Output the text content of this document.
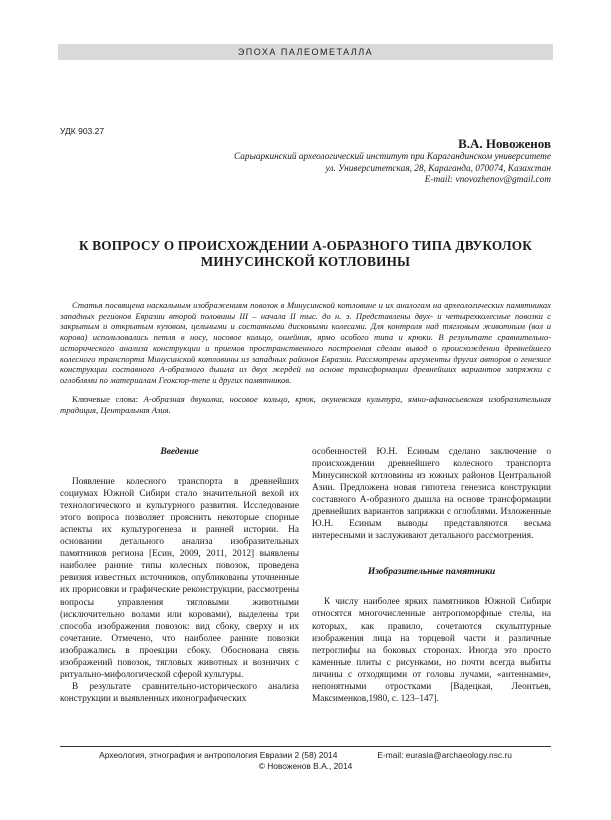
ЭПОХА ПАЛЕОМЕТАЛЛА
УДК 903.27
В.А. Новоженов
Сарыаркинский археологический институт при Карагандинском университете
ул. Университетская, 28, Караганда, 070074, Казахстан
E-mail: vnovozhenov@gmail.com
К ВОПРОСУ О ПРОИСХОЖДЕНИИ А-ОБРАЗНОГО ТИПА ДВУКОЛОК
МИНУСИНСКОЙ КОТЛОВИНЫ
Статья посвящена наскальным изображениям повозок в Минусинской котловине и их аналогам на археологических памятниках западных регионов Евразии второй половины III – начала II тыс. до н. э. Представлены двух- и четырехколесные повозки с закрытым и открытым кузовом, цельными и составными дисковыми колесами. Для контроля над тягловым животным (вол и корова) использовались петля в носу, носовое кольцо, ошейник, ярмо особого типа и крюки. В результате сравнительно-исторического анализа конструкции и приемов пространственного построения сделан вывод о происхождении древнейшего колесного транспорта Минусинской котловины из западных районов Евразии. Рассмотрены аргументы других авторов о генезисе конструкции составного А-образного дышла из двух жердей на основе трансформации древнейших вариантов запряжки с оглоблями по материалам Геоксюр-тепе и других памятников.
Ключевые слова: А-образная двуколка, носовое кольцо, крюк, окуневская культура, ямно-афанасьевская изобразительная традиция, Центральная Азия.
Введение

Появление колесного транспорта в древнейших социумах Южной Сибири стало значительной вехой их технологического и культурного развития. Исследование этого вопроса позволяет прояснить некоторые спорные аспекты их культурогенеза и ранней истории. На основании детального анализа изобразительных памятников региона [Есин, 2009, 2011, 2012] выявлены наиболее ранние типы колесных повозок, проведена ревизия известных источников, опубликованы уточненные их прорисовки и графические реконструкции, рассмотрены вопросы управления тягловыми животными (исключительно волами или коровами), выделены три способа изображения повозок: вид сбоку, сверху и их сочетание. Отмечено, что наиболее ранние повозки изображались в проекции сбоку. Обоснована связь изображений повозок, тягловых животных и возничих с ритуально-мифологической сферой культуры.

В результате сравнительно-исторического анализа конструкции и выявленных иконографических

особенностей Ю.Н. Есиным сделано заключение о происхождении древнейшего колесного транспорта Минусинской котловины из южных районов Центральной Азии. Предложена новая гипотеза генезиса конструкции составного А-образного дышла на основе трансформации древнейших вариантов запряжки с оглоблями. Изложенные Ю.Н. Есиным выводы представляются весьма интересными и заслуживают детального рассмотрения.

Изобразительные памятники

К числу наиболее ярких памятников Южной Сибири относятся многочисленные антропоморфные стелы, на которых, как правило, сочетаются скульптурные изображения лица на торцевой части и различные петроглифы на боковых сторонах. Иногда это просто каменные плиты с рисунками, но почти всегда выбиты личины с отходящими от головы лучами, «антеннами», непонятными отростками [Вадецкая, Леонтьев, Максименков,1980, с. 123–147].

Археология, этнография и антропология Евразии 2 (58) 2014	E-mail: eurasia@archaeology.nsc.ru
© Новоженов В.А., 2014
